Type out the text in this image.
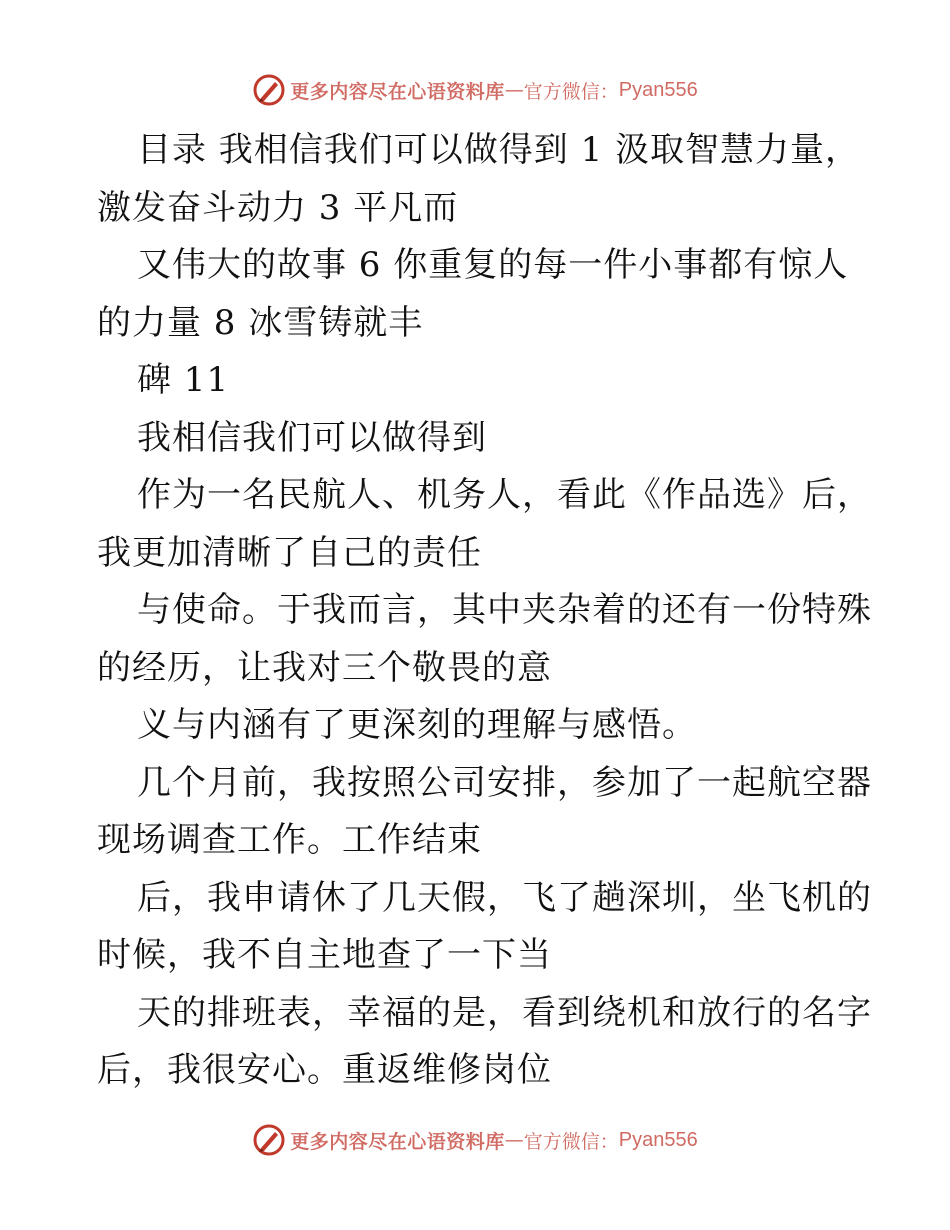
更多内容尽在心语资料库 — 官方微信： Pyan556
目录 我相信我们可以做得到 1 汲取智慧力量，
激发奋斗动力 3 平凡而
又伟大的故事 6 你重复的每一件小事都有惊人
的力量 8 冰雪铸就丰
碑 11
我相信我们可以做得到
作为一名民航人、机务人，看此《作品选》后，
我更加清晰了自己的责任
与使命。于我而言，其中夹杂着的还有一份特殊
的经历，让我对三个敬畏的意
义与内涵有了更深刻的理解与感悟。
几个月前，我按照公司安排，参加了一起航空器
现场调查工作。工作结束
后，我申请休了几天假，飞了趟深圳，坐飞机的
时候，我不自主地查了一下当
天的排班表，幸福的是，看到绕机和放行的名字
后，我很安心。重返维修岗位
更多内容尽在心语资料库 — 官方微信： Pyan556
